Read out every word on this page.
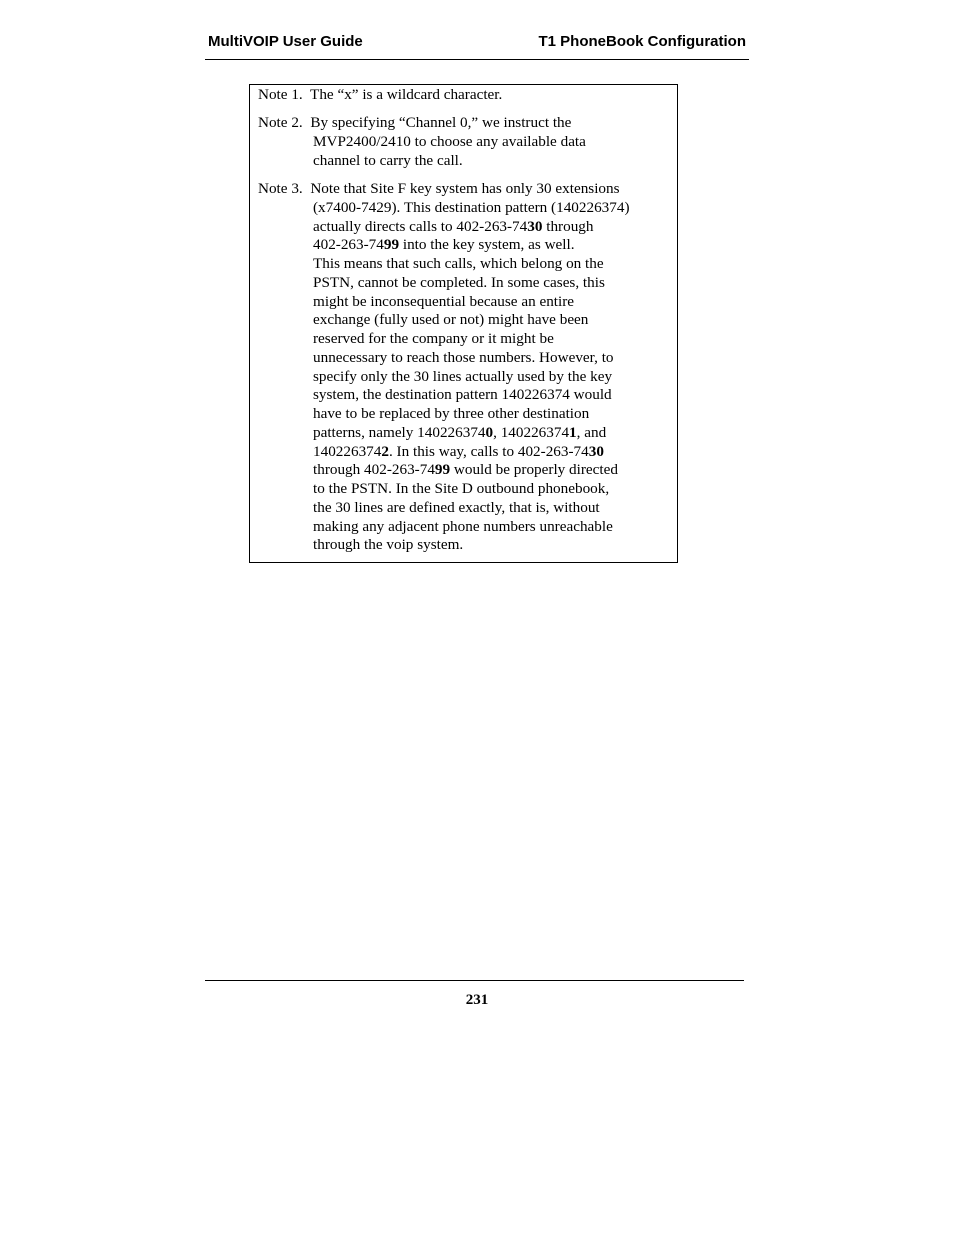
MultiVOIP User Guide	T1 PhoneBook Configuration
Note 1. The “x” is a wildcard character.
Note 2. By specifying “Channel 0,” we instruct the
MVP2400/2410 to choose any available data
channel to carry the call.
Note 3. Note that Site F key system has only 30 extensions
(x7400-7429). This destination pattern (140226374)
actually directs calls to 402-263-7430 through
402-263-7499 into the key system, as well.
This means that such calls, which belong on the
PSTN, cannot be completed. In some cases, this
might be inconsequential because an entire
exchange (fully used or not) might have been
reserved for the company or it might be
unnecessary to reach those numbers. However, to
specify only the 30 lines actually used by the key
system, the destination pattern 140226374 would
have to be replaced by three other destination
patterns, namely 1402263740, 1402263741, and
1402263742. In this way, calls to 402-263-7430
through 402-263-7499 would be properly directed
to the PSTN. In the Site D outbound phonebook,
the 30 lines are defined exactly, that is, without
making any adjacent phone numbers unreachable
through the voip system.
231
